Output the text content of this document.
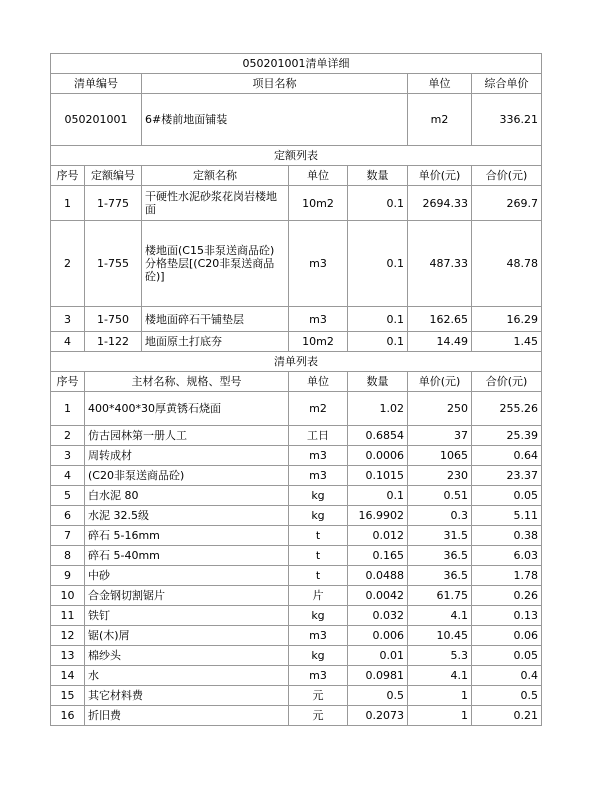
050201001清单详细						
清单编号		项目名称			单位	综合单价
050201001		6#楼前地面铺装			m2	336.21
定额列表						
序号	定额编号	定额名称	单位	数量	单价(元)	合价(元)
1	1-775	干硬性水泥砂浆花岗岩楼地面	10m2	0.1	2694.33	269.7
2	1-755	楼地面(C15非泵送商品砼)分格垫层[(C20非泵送商品砼)]	m3	0.1	487.33	48.78
3	1-750	楼地面碎石干铺垫层	m3	0.1	162.65	16.29
4	1-122	地面原土打底夯	10m2	0.1	14.49	1.45
清单列表						
序号	主材名称、规格、型号		单位	数量	单价(元)	合价(元)
1	400*400*30厚黄锈石烧面		m2	1.02	250	255.26
2	仿古园林第一册人工		工日	0.6854	37	25.39
3	周转成材		m3	0.0006	1065	0.64
4	(C20非泵送商品砼)		m3	0.1015	230	23.37
5	白水泥 80		kg	0.1	0.51	0.05
6	水泥 32.5级		kg	16.9902	0.3	5.11
7	碎石 5-16mm		t	0.012	31.5	0.38
8	碎石 5-40mm		t	0.165	36.5	6.03
9	中砂		t	0.0488	36.5	1.78
10	合金钢切割锯片		片	0.0042	61.75	0.26
11	铁钉		kg	0.032	4.1	0.13
12	锯(木)屑		m3	0.006	10.45	0.06
13	棉纱头		kg	0.01	5.3	0.05
14	水		m3	0.0981	4.1	0.4
15	其它材料费		元	0.5	1	0.5
16	折旧费		元	0.2073	1	0.21
